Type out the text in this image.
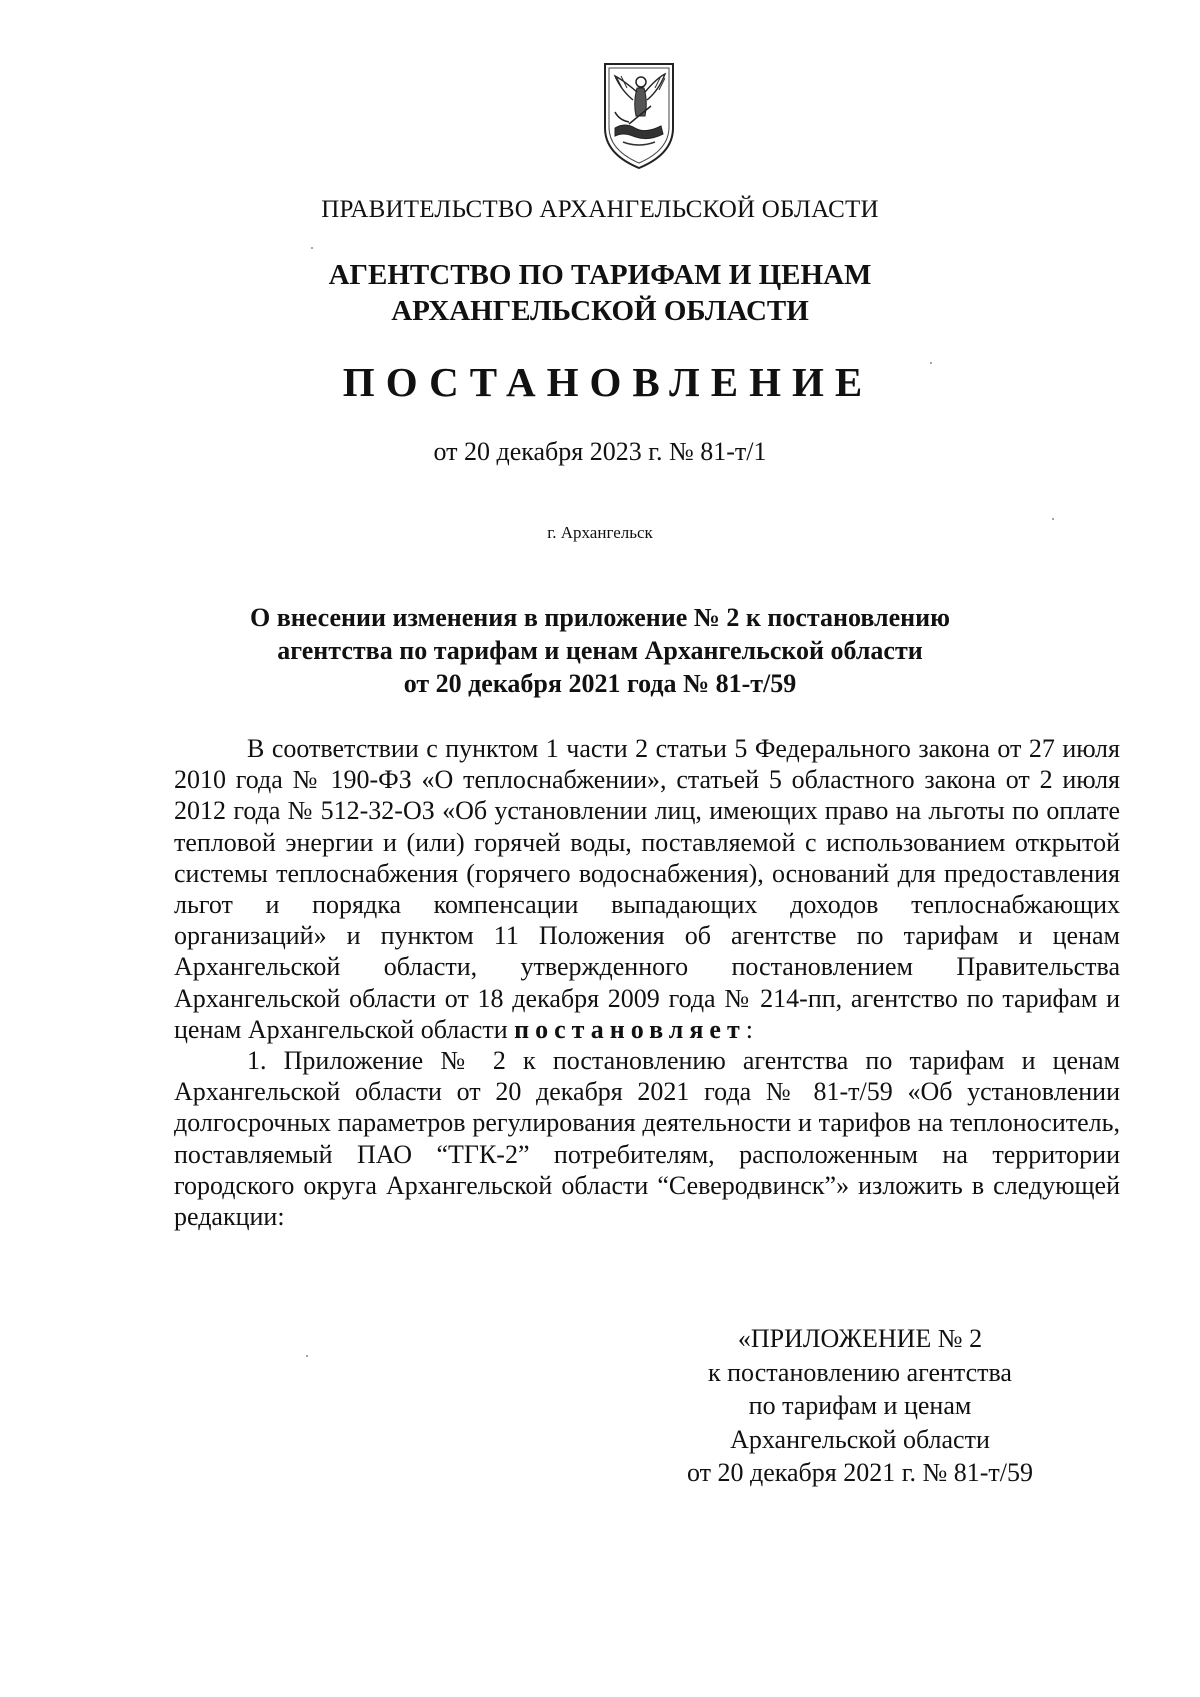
ПРАВИТЕЛЬСТВО АРХАНГЕЛЬСКОЙ ОБЛАСТИ
АГЕНТСТВО ПО ТАРИФАМ И ЦЕНАМ
АРХАНГЕЛЬСКОЙ ОБЛАСТИ
ПОСТАНОВЛЕНИЕ
от 20 декабря 2023 г. № 81-т/1
г. Архангельск
О внесении изменения в приложение № 2 к постановлению
агентства по тарифам и ценам Архангельской области
от 20 декабря 2021 года № 81-т/59

В соответствии с пунктом 1 части 2 статьи 5 Федерального закона от 27 июля 2010 года № 190-ФЗ «О теплоснабжении», статьей 5 областного закона от 2 июля 2012 года № 512-32-ОЗ «Об установлении лиц, имеющих право на льготы по оплате тепловой энергии и (или) горячей воды, поставляемой с использованием открытой системы теплоснабжения (горячего водоснабжения), оснований для предоставления льгот и порядка компенсации выпадающих доходов теплоснабжающих организаций» и пунктом 11 Положения об агентстве по тарифам и ценам Архангельской области, утвержденного постановлением Правительства Архангельской области от 18 декабря 2009 года № 214-пп, агентство по тарифам и ценам Архангельской области постановляет:

1. Приложение № 2 к постановлению агентства по тарифам и ценам Архангельской области от 20 декабря 2021 года № 81-т/59 «Об установлении долгосрочных параметров регулирования деятельности и тарифов на теплоноситель, поставляемый ПАО “ТГК-2” потребителям, расположенным на территории городского округа Архангельской области “Северодвинск”» изложить в следующей редакции:

«ПРИЛОЖЕНИЕ № 2
к постановлению агентства
по тарифам и ценам
Архангельской области
от 20 декабря 2021 г. № 81-т/59
